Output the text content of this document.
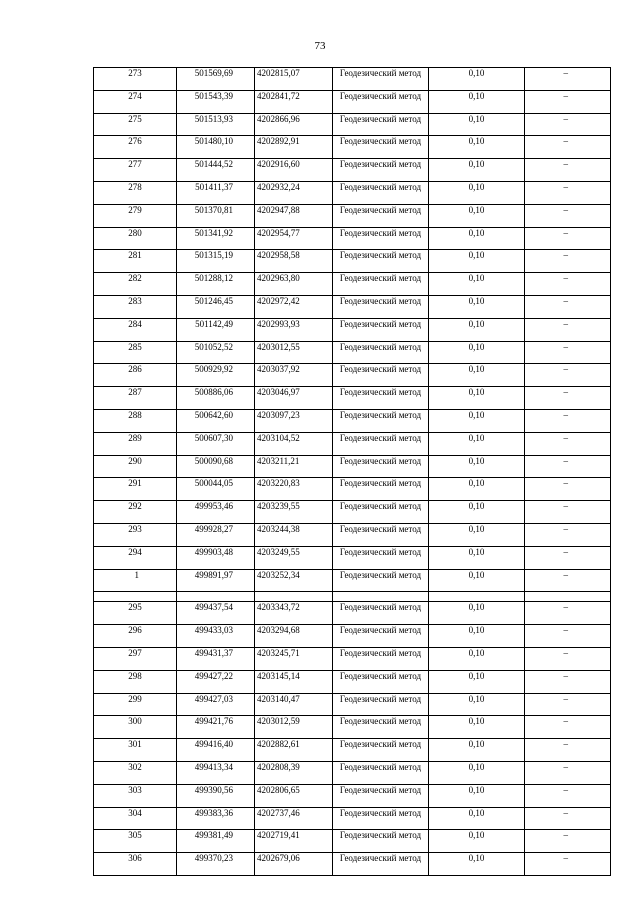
73
273	501569,69	4202815,07	Геодезический метод	0,10	–
274	501543,39	4202841,72	Геодезический метод	0,10	–
275	501513,93	4202866,96	Геодезический метод	0,10	–
276	501480,10	4202892,91	Геодезический метод	0,10	–
277	501444,52	4202916,60	Геодезический метод	0,10	–
278	501411,37	4202932,24	Геодезический метод	0,10	–
279	501370,81	4202947,88	Геодезический метод	0,10	–
280	501341,92	4202954,77	Геодезический метод	0,10	–
281	501315,19	4202958,58	Геодезический метод	0,10	–
282	501288,12	4202963,80	Геодезический метод	0,10	–
283	501246,45	4202972,42	Геодезический метод	0,10	–
284	501142,49	4202993,93	Геодезический метод	0,10	–
285	501052,52	4203012,55	Геодезический метод	0,10	–
286	500929,92	4203037,92	Геодезический метод	0,10	–
287	500886,06	4203046,97	Геодезический метод	0,10	–
288	500642,60	4203097,23	Геодезический метод	0,10	–
289	500607,30	4203104,52	Геодезический метод	0,10	–
290	500090,68	4203211,21	Геодезический метод	0,10	–
291	500044,05	4203220,83	Геодезический метод	0,10	–
292	499953,46	4203239,55	Геодезический метод	0,10	–
293	499928,27	4203244,38	Геодезический метод	0,10	–
294	499903,48	4203249,55	Геодезический метод	0,10	–
1	499891,97	4203252,34	Геодезический метод	0,10	–

295	499437,54	4203343,72	Геодезический метод	0,10	–
296	499433,03	4203294,68	Геодезический метод	0,10	–
297	499431,37	4203245,71	Геодезический метод	0,10	–
298	499427,22	4203145,14	Геодезический метод	0,10	–
299	499427,03	4203140,47	Геодезический метод	0,10	–
300	499421,76	4203012,59	Геодезический метод	0,10	–
301	499416,40	4202882,61	Геодезический метод	0,10	–
302	499413,34	4202808,39	Геодезический метод	0,10	–
303	499390,56	4202806,65	Геодезический метод	0,10	–
304	499383,36	4202737,46	Геодезический метод	0,10	–
305	499381,49	4202719,41	Геодезический метод	0,10	–
306	499370,23	4202679,06	Геодезический метод	0,10	–
